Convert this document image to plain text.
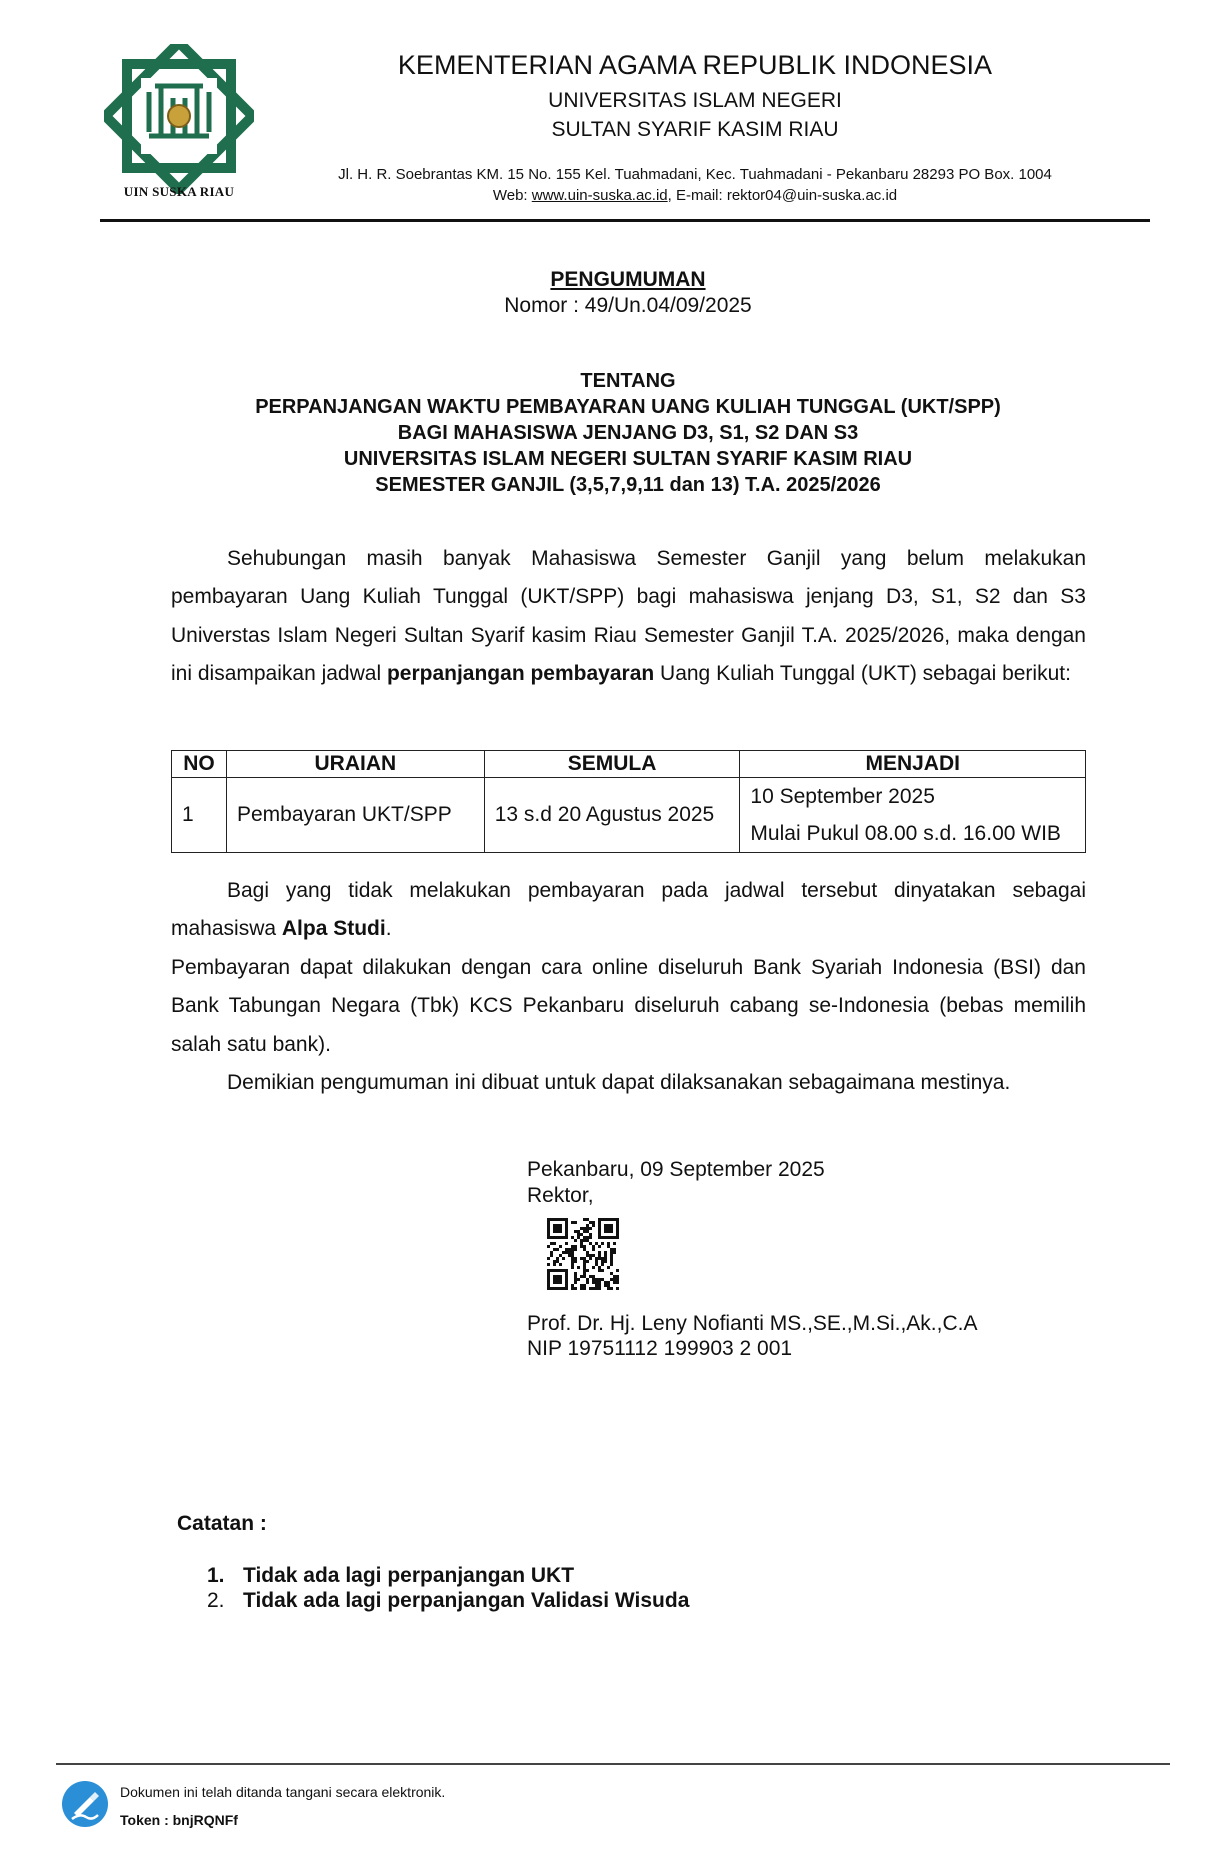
UIN SUSKA RIAU
KEMENTERIAN AGAMA REPUBLIK INDONESIA
UNIVERSITAS ISLAM NEGERI
SULTAN SYARIF KASIM RIAU
Jl. H. R. Soebrantas KM. 15 No. 155 Kel. Tuahmadani, Kec. Tuahmadani - Pekanbaru 28293 PO Box. 1004
Web: www.uin-suska.ac.id, E-mail: rektor04@uin-suska.ac.id
PENGUMUMAN
Nomor : 49/Un.04/09/2025
TENTANG
PERPANJANGAN WAKTU PEMBAYARAN UANG KULIAH TUNGGAL (UKT/SPP)
BAGI MAHASISWA JENJANG D3, S1, S2 DAN S3
UNIVERSITAS ISLAM NEGERI SULTAN SYARIF KASIM RIAU
SEMESTER GANJIL (3,5,7,9,11 dan 13) T.A. 2025/2026

Sehubungan masih banyak Mahasiswa Semester Ganjil yang belum melakukan pembayaran Uang Kuliah Tunggal (UKT/SPP) bagi mahasiswa jenjang D3, S1, S2 dan S3 Universtas Islam Negeri Sultan Syarif kasim Riau Semester Ganjil T.A. 2025/2026, maka dengan ini disampaikan jadwal perpanjangan pembayaran Uang Kuliah Tunggal (UKT) sebagai berikut:

NO	URAIAN	SEMULA	MENJADI
1	Pembayaran UKT/SPP	13 s.d 20 Agustus 2025	10 September 2025
Mulai Pukul 08.00 s.d. 16.00 WIB

Bagi yang tidak melakukan pembayaran pada jadwal tersebut dinyatakan sebagai mahasiswa Alpa Studi.

Pembayaran dapat dilakukan dengan cara online diseluruh Bank Syariah Indonesia (BSI) dan Bank Tabungan Negara (Tbk) KCS Pekanbaru diseluruh cabang se-Indonesia (bebas memilih salah satu bank).

Demikian pengumuman ini dibuat untuk dapat dilaksanakan sebagaimana mestinya.

Pekanbaru, 09 September 2025
Rektor,
Prof. Dr. Hj. Leny Nofianti MS.,SE.,M.Si.,Ak.,C.A
NIP 19751112 199903 2 001
Catatan :
1. Tidak ada lagi perpanjangan UKT
2. Tidak ada lagi perpanjangan Validasi Wisuda
Dokumen ini telah ditanda tangani secara elektronik.
Token : bnjRQNFf
